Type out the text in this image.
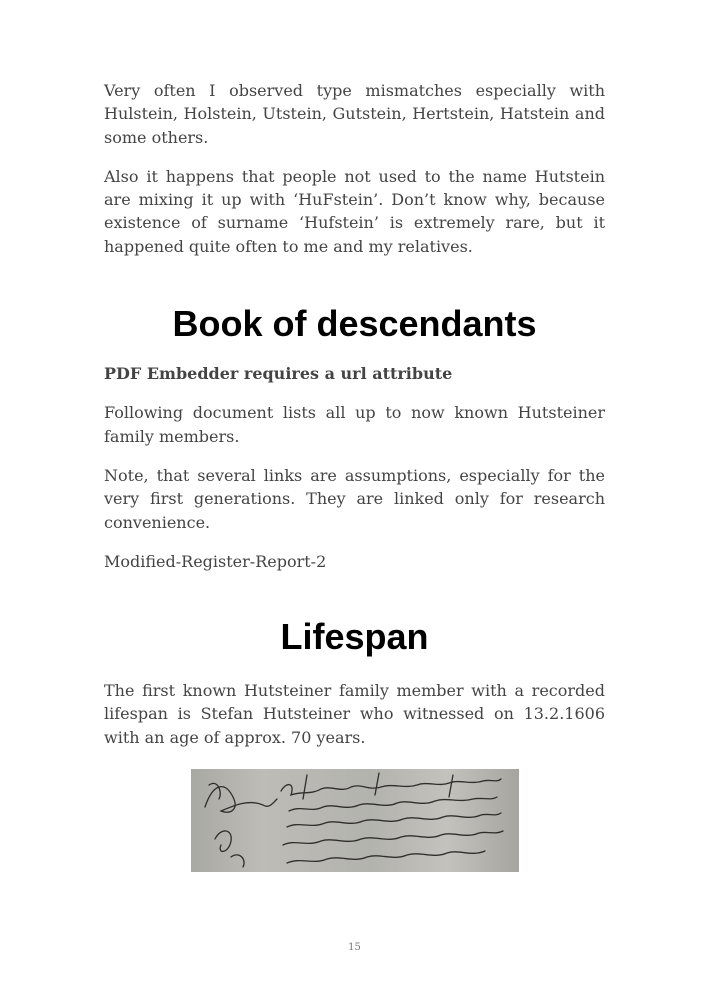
Very often I observed type mismatches especially with Hulstein, Holstein, Utstein, Gutstein, Hertstein, Hatstein and some others.

Also it happens that people not used to the name Hutstein are mixing it up with ‘HuFstein’. Don’t know why, because existence of surname ‘Hufstein’ is extremely rare, but it happened quite often to me and my relatives.

Book of descendants

PDF Embedder requires a url attribute

Following document lists all up to now known Hutsteiner family members.

Note, that several links are assumptions, especially for the very first generations. They are linked only for research convenience.

Modified-Register-Report-2

Lifespan

The first known Hutsteiner family member with a recorded lifespan is Stefan Hutsteiner who witnessed on 13.2.1606 with an age of approx. 70 years.

15
